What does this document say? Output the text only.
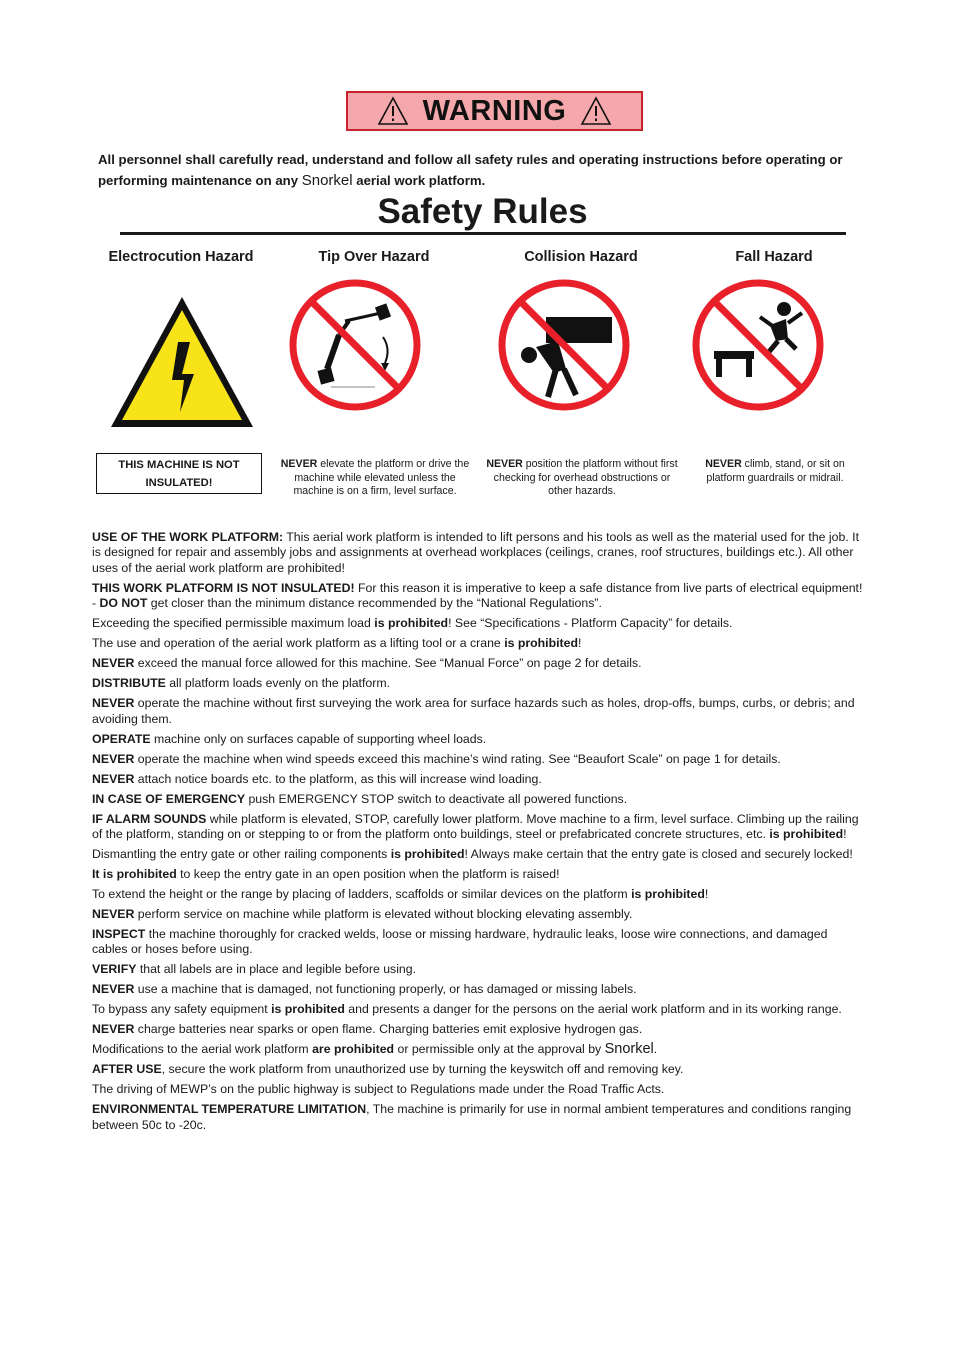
WARNING
All personnel shall carefully read, understand and follow all safety rules and operating instructions before operating or performing maintenance on any Snorkel aerial work platform.
Safety Rules
Electrocution Hazard	Tip Over Hazard	Collision Hazard	Fall Hazard
THIS MACHINE IS NOT INSULATED!
NEVER elevate the platform or drive the machine while elevated unless the machine is on a firm, level surface.
NEVER position the platform without first checking for overhead obstructions or other hazards.
NEVER climb, stand, or sit on platform guardrails or midrail.

USE OF THE WORK PLATFORM: This aerial work platform is intended to lift persons and his tools as well as the material used for the job. It is designed for repair and assembly jobs and assignments at overhead workplaces (ceilings, cranes, roof structures, buildings etc.). All other uses of the aerial work platform are prohibited!

THIS WORK PLATFORM IS NOT INSULATED! For this reason it is imperative to keep a safe distance from live parts of electrical equipment! - DO NOT get closer than the minimum distance recommended by the “National Regulations”.

Exceeding the specified permissible maximum load is prohibited! See “Specifications - Platform Capacity” for details.

The use and operation of the aerial work platform as a lifting tool or a crane is prohibited!

NEVER exceed the manual force allowed for this machine. See “Manual Force” on page 2 for details.

DISTRIBUTE all platform loads evenly on the platform.

NEVER operate the machine without first surveying the work area for surface hazards such as holes, drop-offs, bumps, curbs, or debris; and avoiding them.

OPERATE machine only on surfaces capable of supporting wheel loads.

NEVER operate the machine when wind speeds exceed this machine’s wind rating. See “Beaufort Scale” on page 1 for details.

NEVER attach notice boards etc. to the platform, as this will increase wind loading.

IN CASE OF EMERGENCY push EMERGENCY STOP switch to deactivate all powered functions.

IF ALARM SOUNDS while platform is elevated, STOP, carefully lower platform. Move machine to a firm, level surface. Climbing up the railing of the platform, standing on or stepping to or from the platform onto buildings, steel or prefabricated concrete structures, etc. is prohibited!

Dismantling the entry gate or other railing components is prohibited! Always make certain that the entry gate is closed and securely locked!

It is prohibited to keep the entry gate in an open position when the platform is raised!

To extend the height or the range by placing of ladders, scaffolds or similar devices on the platform is prohibited!

NEVER perform service on machine while platform is elevated without blocking elevating assembly.

INSPECT the machine thoroughly for cracked welds, loose or missing hardware, hydraulic leaks, loose wire connections, and damaged cables or hoses before using.

VERIFY that all labels are in place and legible before using.

NEVER use a machine that is damaged, not functioning properly, or has damaged or missing labels.

To bypass any safety equipment is prohibited and presents a danger for the persons on the aerial work platform and in its working range.

NEVER charge batteries near sparks or open flame. Charging batteries emit explosive hydrogen gas.

Modifications to the aerial work platform are prohibited or permissible only at the approval by Snorkel.

AFTER USE, secure the work platform from unauthorized use by turning the keyswitch off and removing key.

The driving of MEWP’s on the public highway is subject to Regulations made under the Road Traffic Acts.

ENVIRONMENTAL TEMPERATURE LIMITATION, The machine is primarily for use in normal ambient temperatures and conditions ranging between 50c to -20c.
